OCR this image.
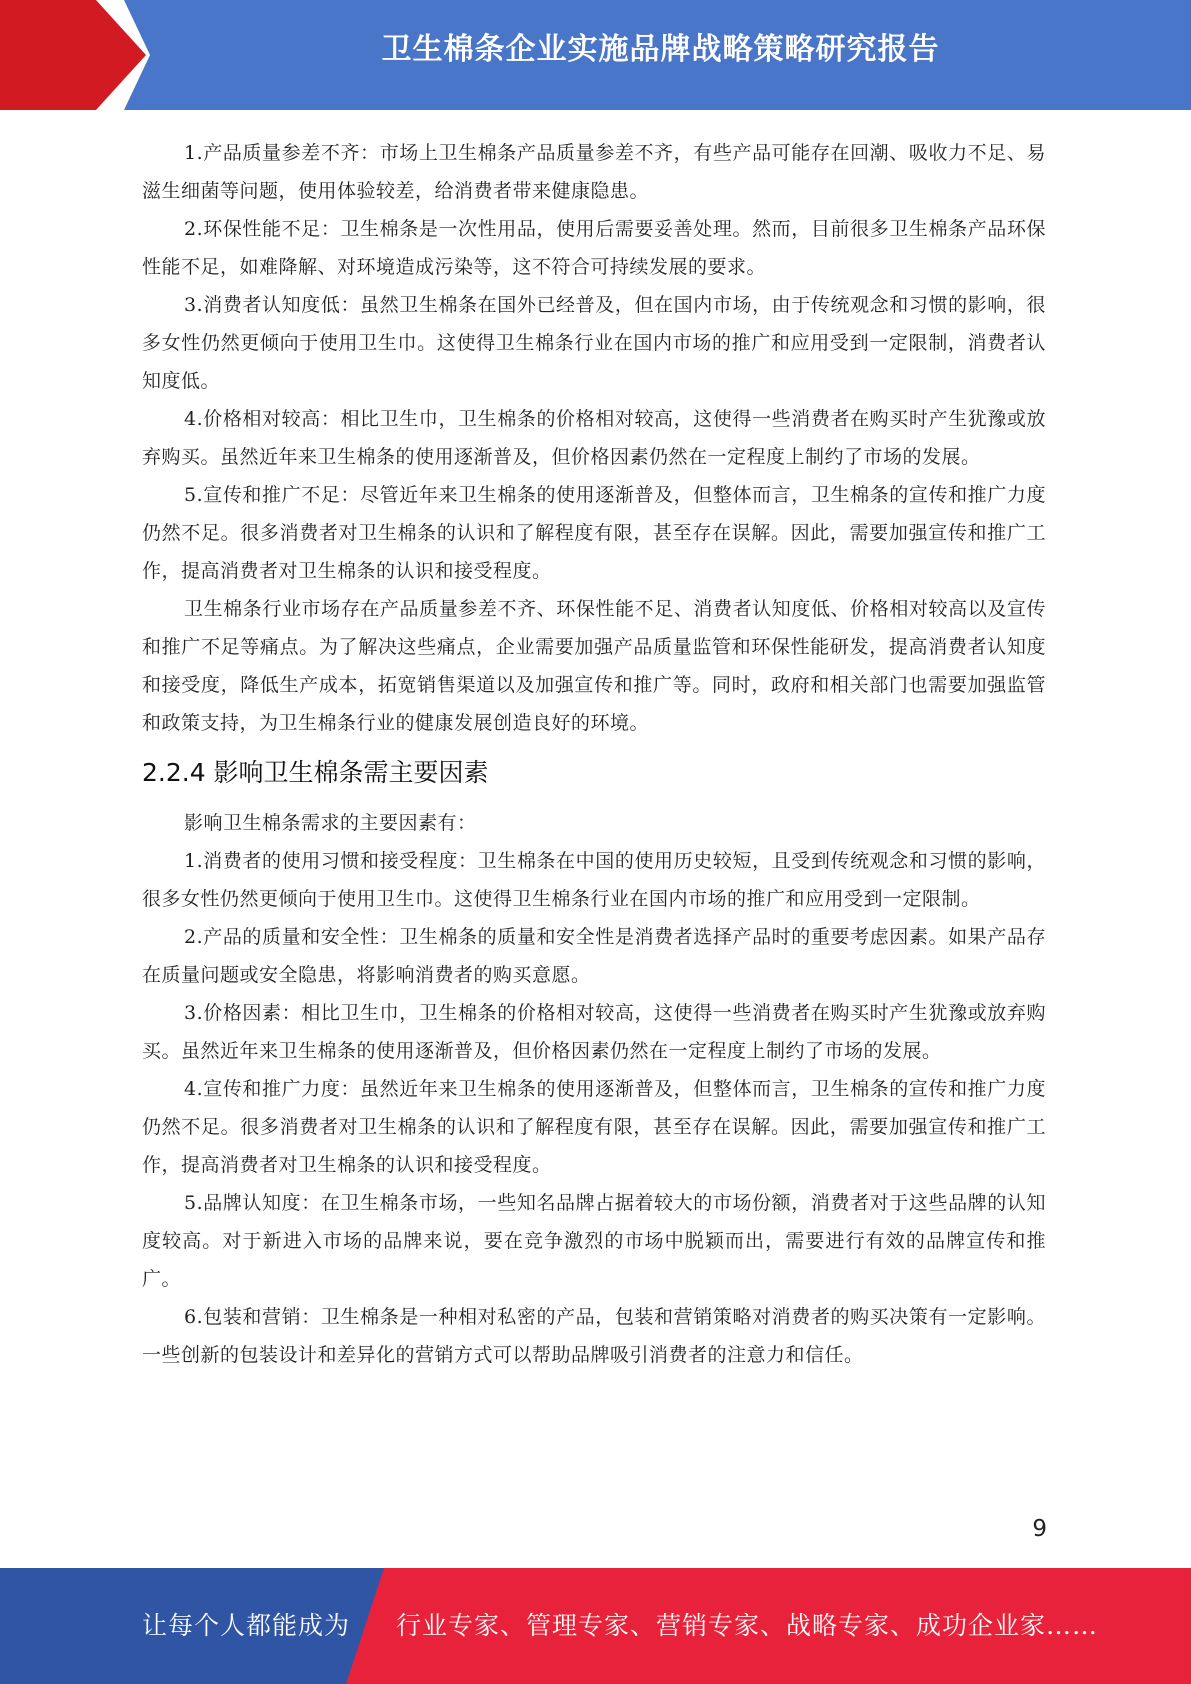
卫生棉条企业实施品牌战略策略研究报告

1.产品质量参差不齐：市场上卫生棉条产品质量参差不齐，有些产品可能存在回潮、吸收力不足、易滋生细菌等问题，使用体验较差，给消费者带来健康隐患。

2.环保性能不足：卫生棉条是一次性用品，使用后需要妥善处理。然而，目前很多卫生棉条产品环保性能不足，如难降解、对环境造成污染等，这不符合可持续发展的要求。

3.消费者认知度低：虽然卫生棉条在国外已经普及，但在国内市场，由于传统观念和习惯的影响，很多女性仍然更倾向于使用卫生巾。这使得卫生棉条行业在国内市场的推广和应用受到一定限制，消费者认知度低。

4.价格相对较高：相比卫生巾，卫生棉条的价格相对较高，这使得一些消费者在购买时产生犹豫或放弃购买。虽然近年来卫生棉条的使用逐渐普及，但价格因素仍然在一定程度上制约了市场的发展。

5.宣传和推广不足：尽管近年来卫生棉条的使用逐渐普及，但整体而言，卫生棉条的宣传和推广力度仍然不足。很多消费者对卫生棉条的认识和了解程度有限，甚至存在误解。因此，需要加强宣传和推广工作，提高消费者对卫生棉条的认识和接受程度。

卫生棉条行业市场存在产品质量参差不齐、环保性能不足、消费者认知度低、价格相对较高以及宣传和推广不足等痛点。为了解决这些痛点，企业需要加强产品质量监管和环保性能研发，提高消费者认知度和接受度，降低生产成本，拓宽销售渠道以及加强宣传和推广等。同时，政府和相关部门也需要加强监管和政策支持，为卫生棉条行业的健康发展创造良好的环境。

2.2.4 影响卫生棉条需主要因素

影响卫生棉条需求的主要因素有：

1.消费者的使用习惯和接受程度：卫生棉条在中国的使用历史较短，且受到传统观念和习惯的影响，很多女性仍然更倾向于使用卫生巾。这使得卫生棉条行业在国内市场的推广和应用受到一定限制。

2.产品的质量和安全性：卫生棉条的质量和安全性是消费者选择产品时的重要考虑因素。如果产品存在质量问题或安全隐患，将影响消费者的购买意愿。

3.价格因素：相比卫生巾，卫生棉条的价格相对较高，这使得一些消费者在购买时产生犹豫或放弃购买。虽然近年来卫生棉条的使用逐渐普及，但价格因素仍然在一定程度上制约了市场的发展。

4.宣传和推广力度：虽然近年来卫生棉条的使用逐渐普及，但整体而言，卫生棉条的宣传和推广力度仍然不足。很多消费者对卫生棉条的认识和了解程度有限，甚至存在误解。因此，需要加强宣传和推广工作，提高消费者对卫生棉条的认识和接受程度。

5.品牌认知度：在卫生棉条市场，一些知名品牌占据着较大的市场份额，消费者对于这些品牌的认知度较高。对于新进入市场的品牌来说，要在竞争激烈的市场中脱颖而出，需要进行有效的品牌宣传和推广。

6.包装和营销：卫生棉条是一种相对私密的产品，包装和营销策略对消费者的购买决策有一定影响。一些创新的包装设计和差异化的营销方式可以帮助品牌吸引消费者的注意力和信任。

9
让每个人都能成为 行业专家、管理专家、营销专家、战略专家、成功企业家……
